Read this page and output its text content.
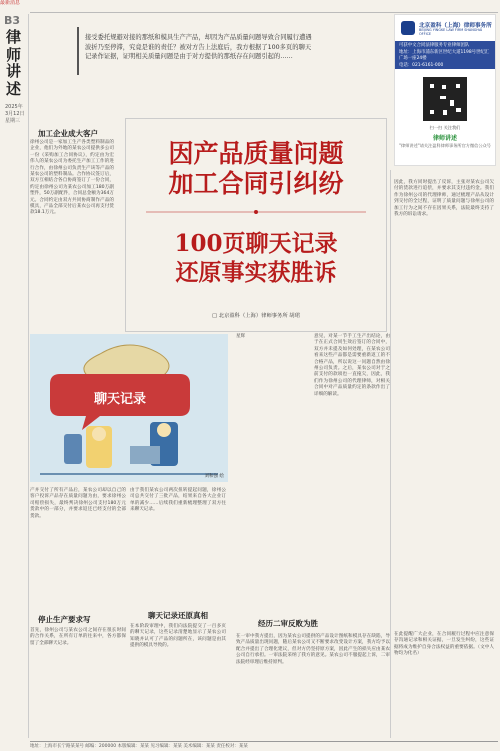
最新消息
B3
律师
讲述
2025年
3月12日
星期三

接受委托规避对接的那纸和模具生产产品，却因为产品质量问题导致合同履行遭遇波折乃至停滞，究竟是谁的责任？被对方告上法庭后，我方根据了100多页的聊天记录作证据，证明相关质量问题是由于对方提供的那纸存在问题引起的……

北京盈科（上海）律师事务所
BEIJING YINGKE LAW FIRM SHANGHAI OFFICE
可获中文合同法律服务专业律师团队
地址：上海市浦东新区世纪大道1198号世纪汇广场一座24楼
电话：021-6161-000
扫一扫 关注我们
律师讲述
"律师讲述"请关注盈科律师事务所官方微信公众号
加工企业成大客户

徐州公司是一家加工生产各类塑料制品的企业，他们为外地的某农公司提供多公司一份《采购加工合同协议》，约定由为宏伟人的某农公司为委托生产加工工作的进行合作，由徐州公司负责生产该等产品的某农公司的塑料制品。合作协议签订后，双方互相结合各自协商签订了一份合同，约定由徐州公司为某农公司加工180万副塑件，50万副配件，合同总金额为364万元。合同约定由双方共同协商制作产品的模具，产品全部交付后某农公司再支付货款18.1万元。

因产品质量问题
加工合同引纠纷
100页聊天记录
还原事实获胜诉
□ 北京盈科（上海）律师事务所 胡珺

因此，我方同时提出了反诉，主张对某农公司欠付的货款进行追偿，并要求其支付违约金。我们作为徐州公司的代理律师，通过梳理产品从设计到交付的全过程，证明了质量问题与徐州公司的加工行为之间不存在因果关系，法院最终支持了我方的诉讼请求。

聊天记录
刘和强 绘

星辉	意见，对某一节手工生产出结论，由于在正式合同生效后签订的合同中，双方并未提及如何处理，在某农公司看来这些产品都是需要重新返工的不合格产品，所以说这一问题自然由徐州公司负责。之后，某农公司对于之前支付的款项也一直拖欠，因此，我们作为徐州公司的代理律师，对相关合同中对产品质量约定的条款作出了详细的解读。

产并交付了所有产品后，某农公司却以自己的客户投诉产品存在质量问题为由，要求徐州公司赔偿损失，最终判决徐州公司支付180万元货款中的一部分，并要求返还已经支付的全部货款。

由于我们某农公司两次扭转提起问题，徐州公司总共交付了三批产品，结果来自各大企业订单的减少……后续我们重新梳理整理了双方往来聊天记录。

停止生产要求写

首先，徐州公司与某农公司之间存在很长时间的合作关系，在所有订单的往来中，各方都保留了全部聊天记录。

聊天记录还原真相

在本阶段审理中，我们向法院提交了一百多页的聊天记录，这些记录清楚地显示了某农公司知晓并认可了产品的问题所在，该问题是由其提供的模具导致的。

经历二审反败为胜

在一审中我方提出，因为某农公司提供的产品设计图纸和模具存在缺陷，导致产品质量出现问题，随后某农公司又不断要求改变设计方案，我方均予以配合并提出了合理化建议，但对方仍坚持原方案，因此产生的损失应由某农公司自行承担。一审法院采纳了我方的意见。某农公司不服提起上诉，二审法院经审理后维持原判。

在此提醒广大企业，在合同履行过程中应注意保存沟通记录和相关证据，一旦发生纠纷，这些证据将成为维护自身合法权益的重要依据。（文中人物均为化名）

地址：上海市长宁路某某号 邮编：200000 本版编辑：某某 见习编辑：某某 美术编辑：某某 责任校对：某某
